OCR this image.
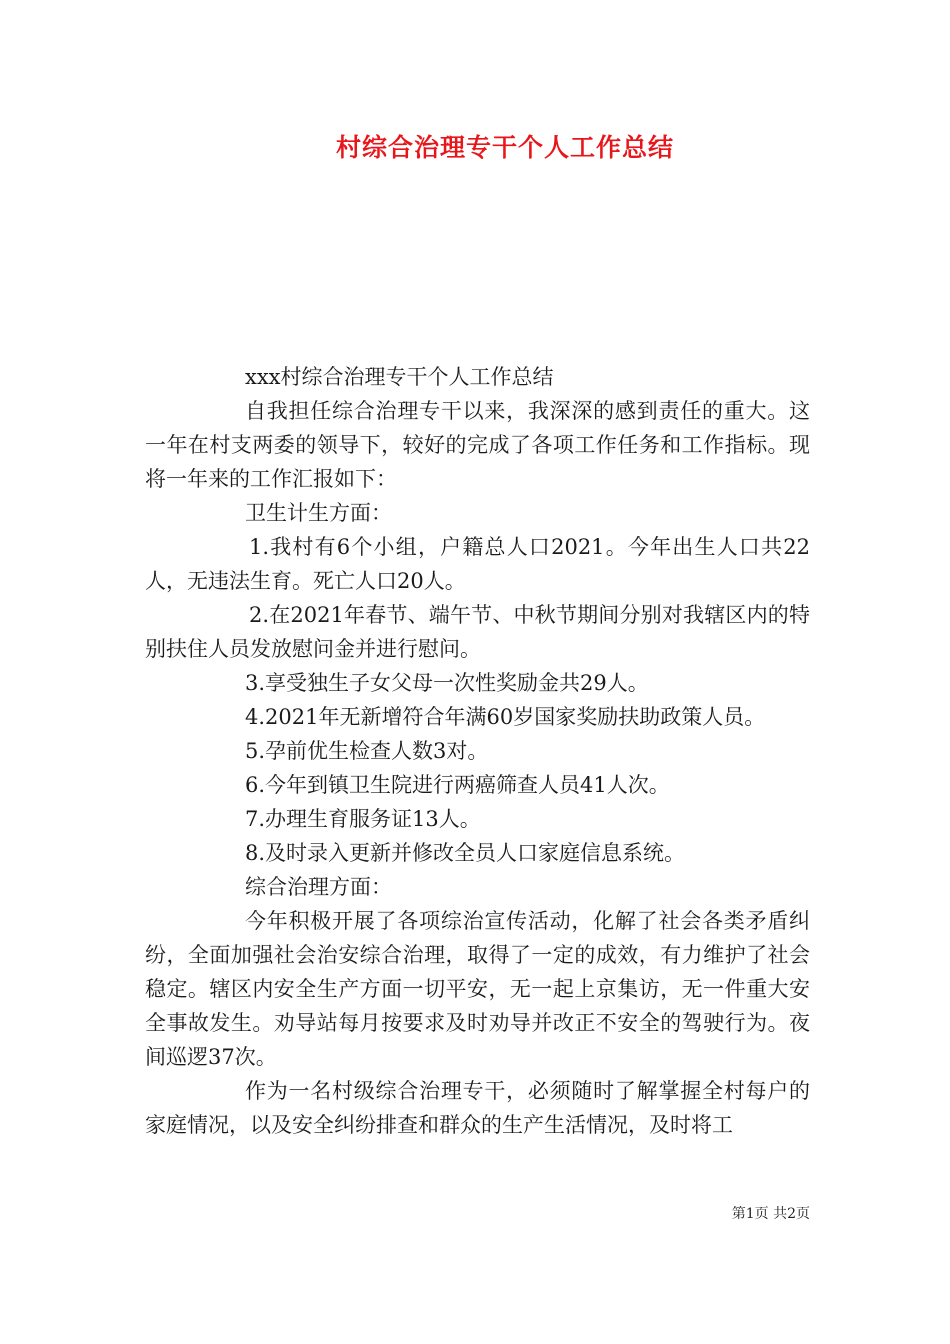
村综合治理专干个人工作总结

xxx村综合治理专干个人工作总结

自我担任综合治理专干以来，我深深的感到责任的重大。这一年在村支两委的领导下，较好的完成了各项工作任务和工作指标。现将一年来的工作汇报如下：

卫生计生方面：

1.我村有6个小组，户籍总人口2021。今年出生人口共22人，无违法生育。死亡人口20人。

2.在2021年春节、端午节、中秋节期间分别对我辖区内的特别扶住人员发放慰问金并进行慰问。

3.享受独生子女父母一次性奖励金共29人。

4.2021年无新增符合年满60岁国家奖励扶助政策人员。

5.孕前优生检查人数3对。

6.今年到镇卫生院进行两癌筛查人员41人次。

7.办理生育服务证13人。

8.及时录入更新并修改全员人口家庭信息系统。

综合治理方面：

今年积极开展了各项综治宣传活动，化解了社会各类矛盾纠纷，全面加强社会治安综合治理，取得了一定的成效，有力维护了社会稳定。辖区内安全生产方面一切平安，无一起上京集访，无一件重大安全事故发生。劝导站每月按要求及时劝导并改正不安全的驾驶行为。夜间巡逻37次。

作为一名村级综合治理专干，必须随时了解掌握全村每户的家庭情况，以及安全纠纷排查和群众的生产生活情况，及时将工

第1页 共2页
